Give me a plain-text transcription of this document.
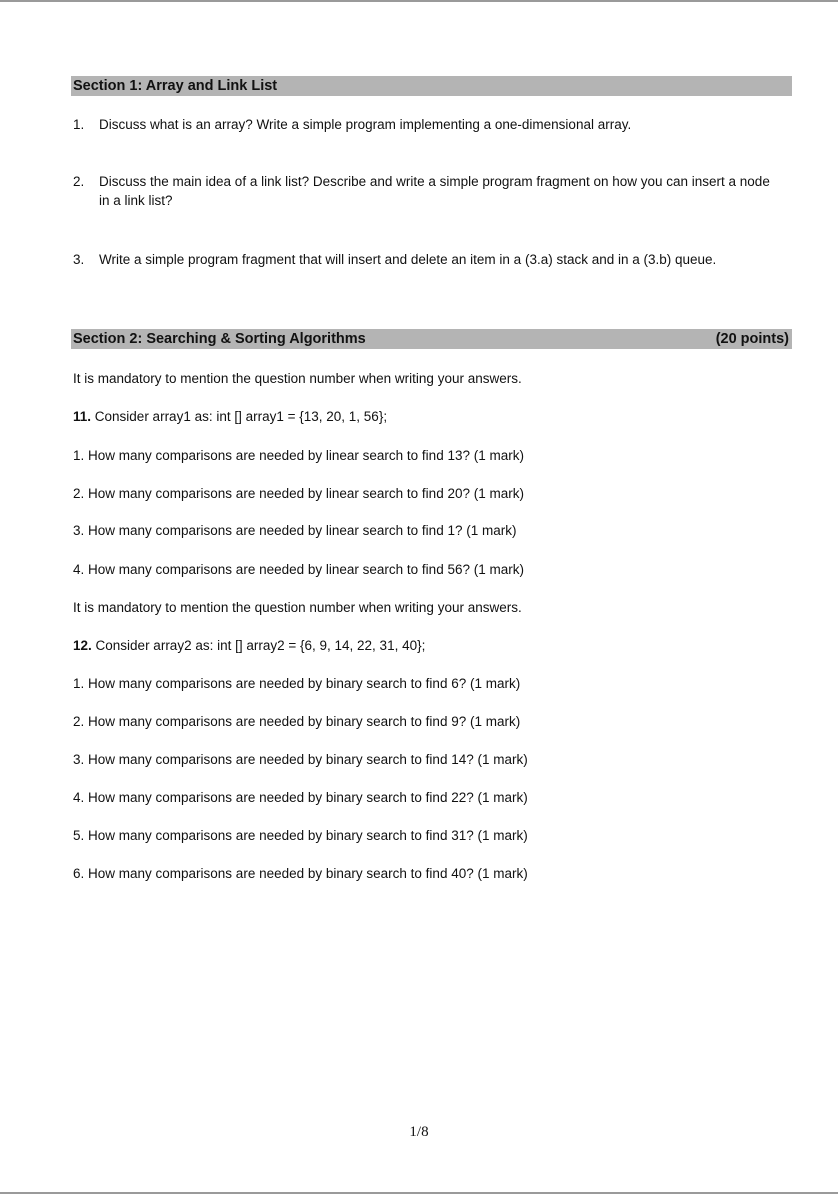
Section 1: Array and Link List
1. Discuss what is an array? Write a simple program implementing a one-dimensional array.
2. Discuss the main idea of a link list? Describe and write a simple program fragment on how you can insert a node in a link list?
3. Write a simple program fragment that will insert and delete an item in a (3.a) stack and in a (3.b) queue.
Section 2: Searching & Sorting Algorithms	(20 points)
It is mandatory to mention the question number when writing your answers.
11. Consider array1 as: int [] array1 = {13, 20, 1, 56};
1. How many comparisons are needed by linear search to find 13? (1 mark)
2. How many comparisons are needed by linear search to find 20? (1 mark)
3. How many comparisons are needed by linear search to find 1? (1 mark)
4. How many comparisons are needed by linear search to find 56? (1 mark)
It is mandatory to mention the question number when writing your answers.
12. Consider array2 as: int [] array2 = {6, 9, 14, 22, 31, 40};
1. How many comparisons are needed by binary search to find 6? (1 mark)
2. How many comparisons are needed by binary search to find 9? (1 mark)
3. How many comparisons are needed by binary search to find 14? (1 mark)
4. How many comparisons are needed by binary search to find 22? (1 mark)
5. How many comparisons are needed by binary search to find 31? (1 mark)
6. How many comparisons are needed by binary search to find 40? (1 mark)
1/8
